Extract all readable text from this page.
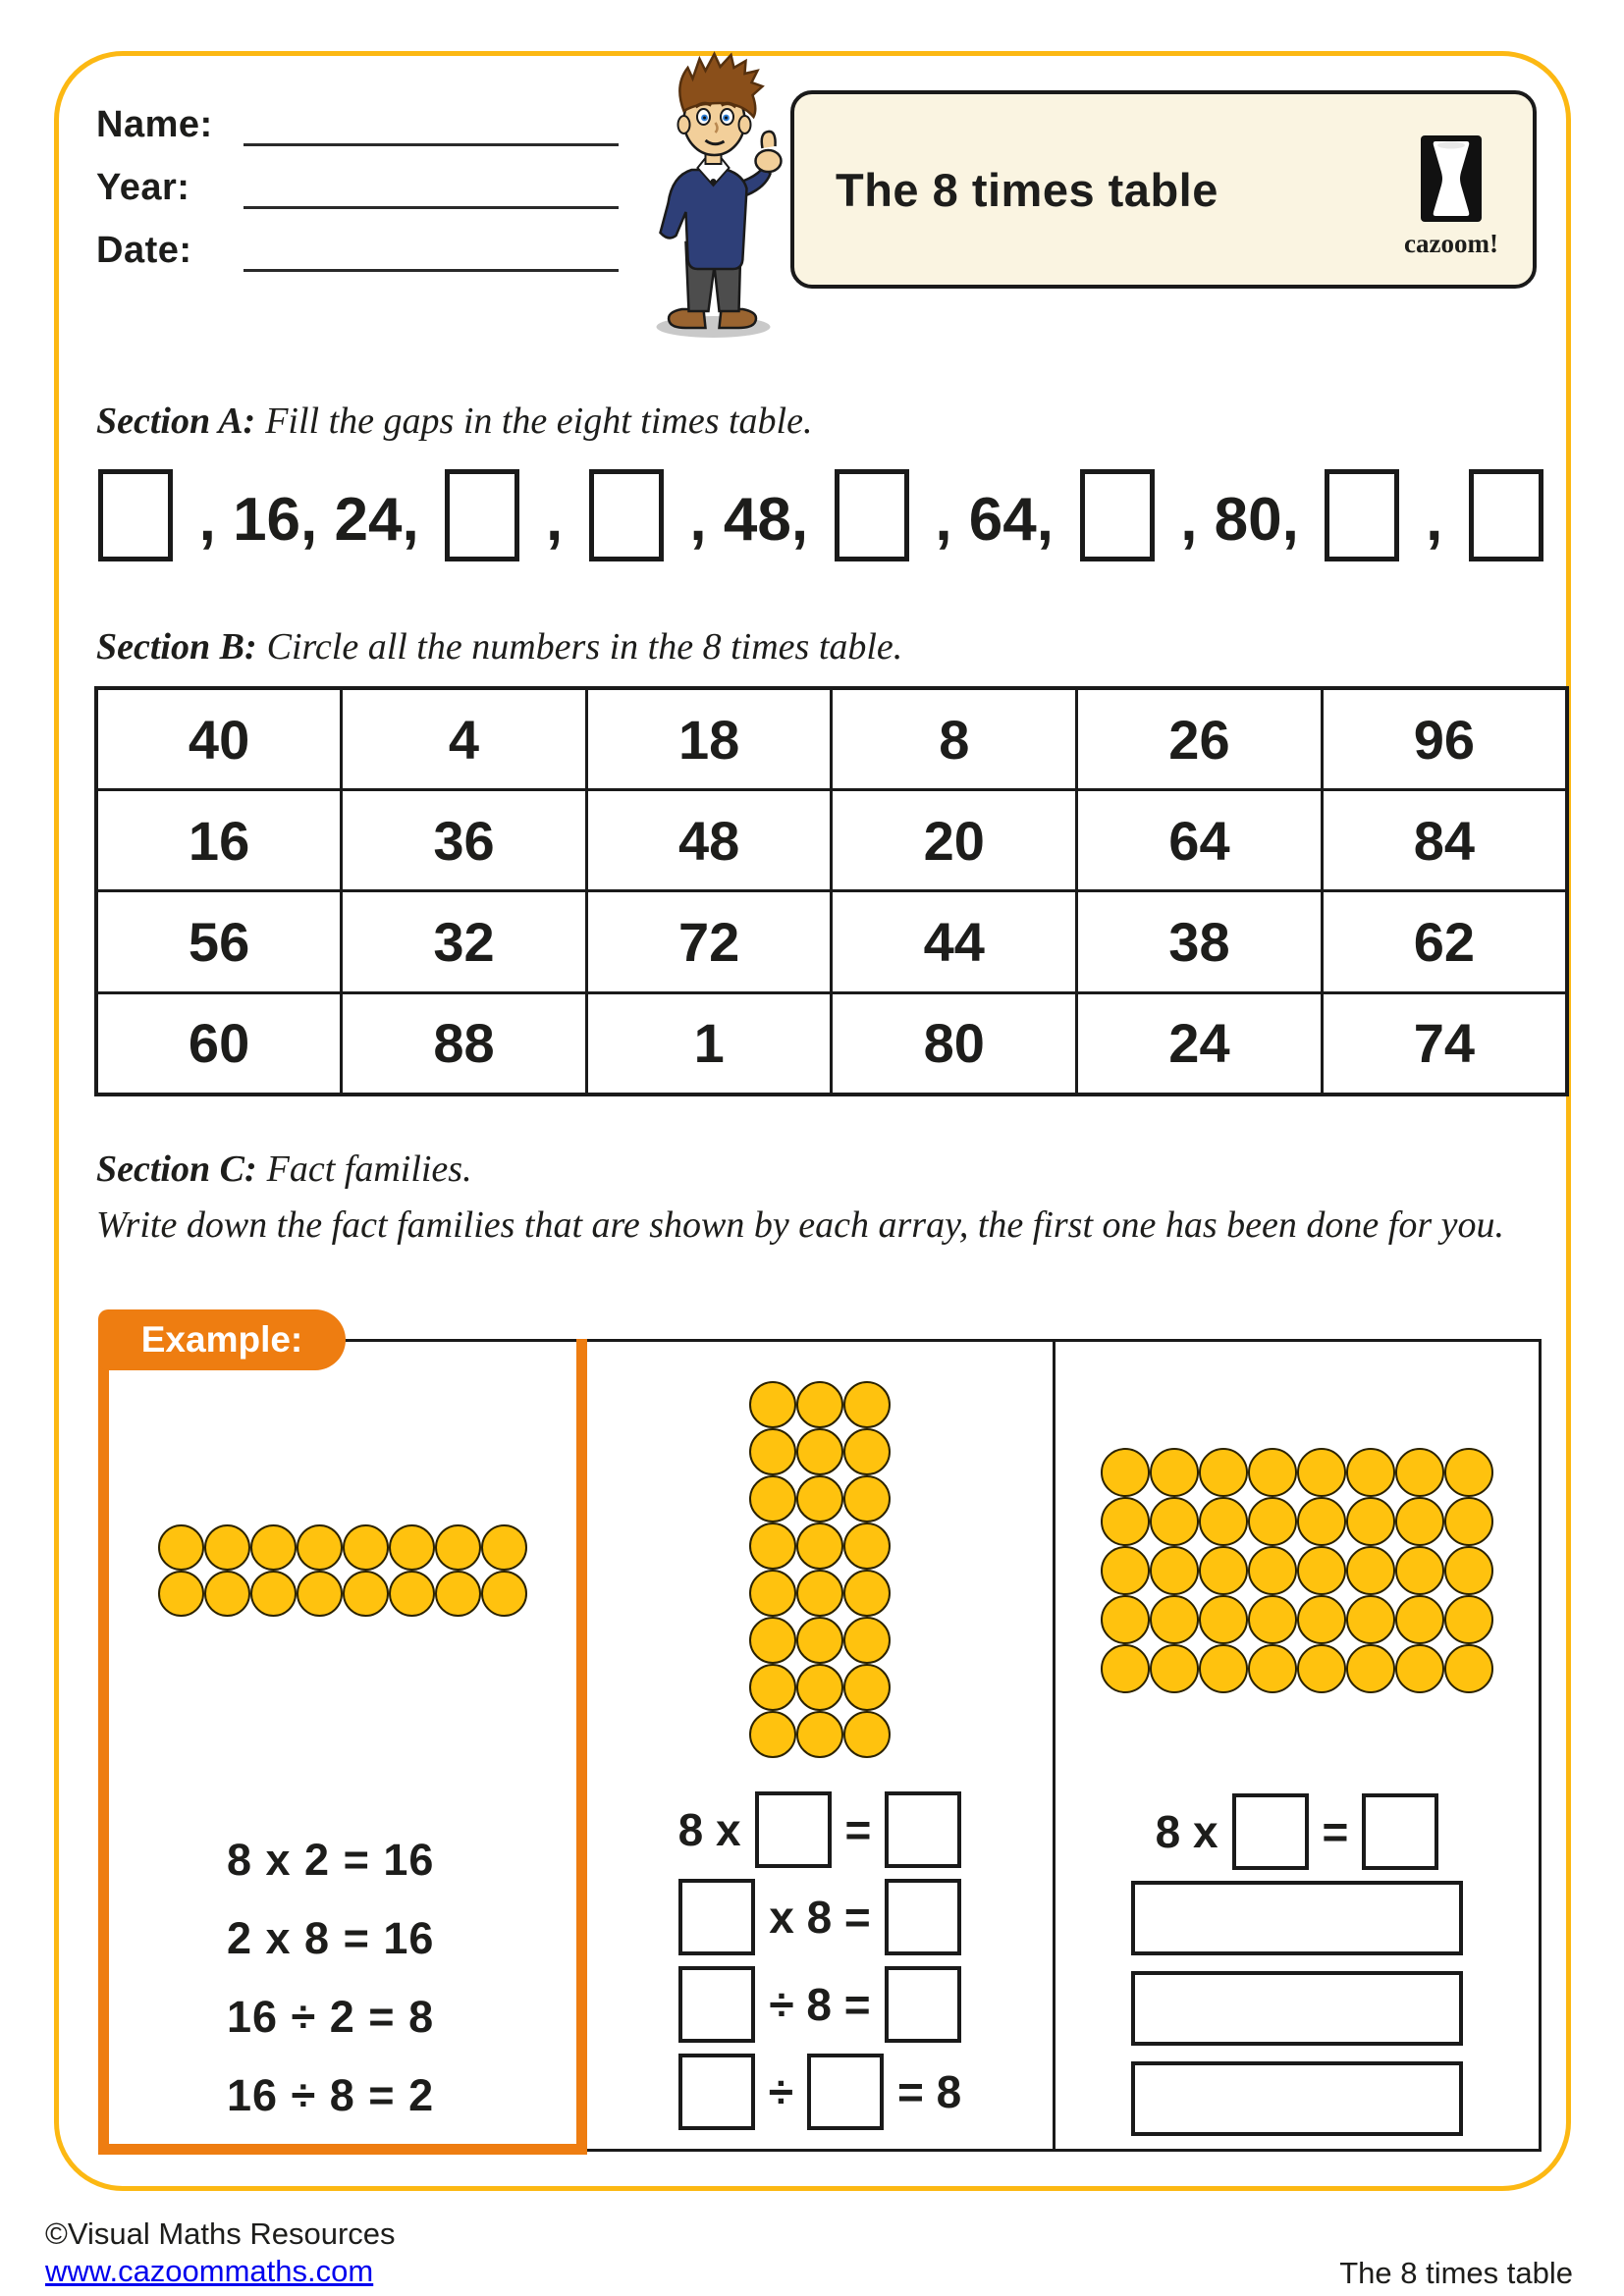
Name:
Year:
Date:
The 8 times table
cazoom!
Section A: Fill the gaps in the eight times table.
, 16, 24, , , 48, , 64, , 80, ,
Section B: Circle all the numbers in the 8 times table.
40	4	18	8	26	96
16	36	48	20	64	84
56	32	72	44	38	62
60	88	1	80	24	74
Section C: Fact families.
Write down the fact families that are shown by each array, the first one has been done for you.
Example:
8 x 2 = 16
2 x 8 = 16
16 ÷ 2 = 8
16 ÷ 8 = 2
8 x =
x 8 =
÷ 8 =
÷ = 8
8 x =
©Visual Maths Resources
www.cazoommaths.com	The 8 times table
